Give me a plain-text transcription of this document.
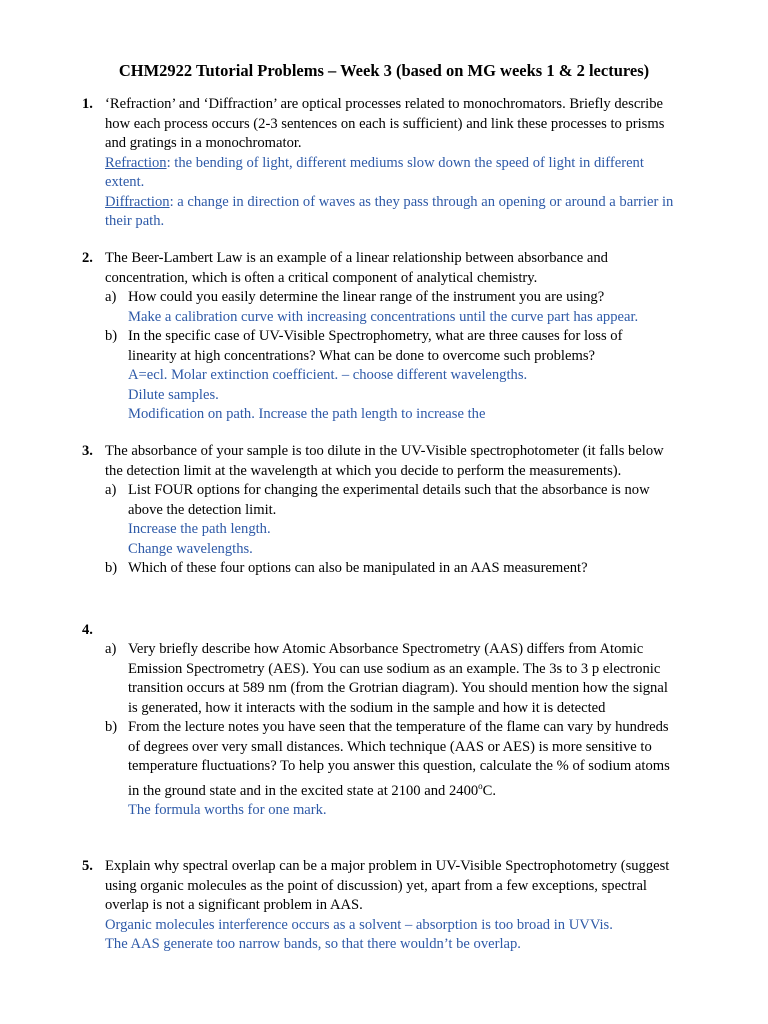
CHM2922 Tutorial Problems – Week 3 (based on MG weeks 1 & 2 lectures)
1. ‘Refraction’ and ‘Diffraction’ are optical processes related to monochromators. Briefly describe
how each process occurs (2-3 sentences on each is sufficient) and link these processes to prisms
and gratings in a monochromator.
Refraction: the bending of light, different mediums slow down the speed of light in different
extent.
Diffraction: a change in direction of waves as they pass through an opening or around a barrier in
their path.
2. The Beer-Lambert Law is an example of a linear relationship between absorbance and
concentration, which is often a critical component of analytical chemistry.
a) How could you easily determine the linear range of the instrument you are using?
Make a calibration curve with increasing concentrations until the curve part has appear.
b) In the specific case of UV-Visible Spectrophometry, what are three causes for loss of
linearity at high concentrations? What can be done to overcome such problems?
A=ecl. Molar extinction coefficient. – choose different wavelengths.
Dilute samples.
Modification on path. Increase the path length to increase the
3. The absorbance of your sample is too dilute in the UV-Visible spectrophotometer (it falls below
the detection limit at the wavelength at which you decide to perform the measurements).
a) List FOUR options for changing the experimental details such that the absorbance is now
above the detection limit.
Increase the path length.
Change wavelengths.
b) Which of these four options can also be manipulated in an AAS measurement?
4.
a) Very briefly describe how Atomic Absorbance Spectrometry (AAS) differs from Atomic
Emission Spectrometry (AES). You can use sodium as an example. The 3s to 3 p electronic
transition occurs at 589 nm (from the Grotrian diagram). You should mention how the signal
is generated, how it interacts with the sodium in the sample and how it is detected
b) From the lecture notes you have seen that the temperature of the flame can vary by hundreds
of degrees over very small distances. Which technique (AAS or AES) is more sensitive to
temperature fluctuations? To help you answer this question, calculate the % of sodium atoms
in the ground state and in the excited state at 2100 and 2400$^o$C.
The formula worths for one mark.
5. Explain why spectral overlap can be a major problem in UV-Visible Spectrophotometry (suggest
using organic molecules as the point of discussion) yet, apart from a few exceptions, spectral
overlap is not a significant problem in AAS.
Organic molecules interference occurs as a solvent – absorption is too broad in UVVis.
The AAS generate too narrow bands, so that there wouldn’t be overlap.
